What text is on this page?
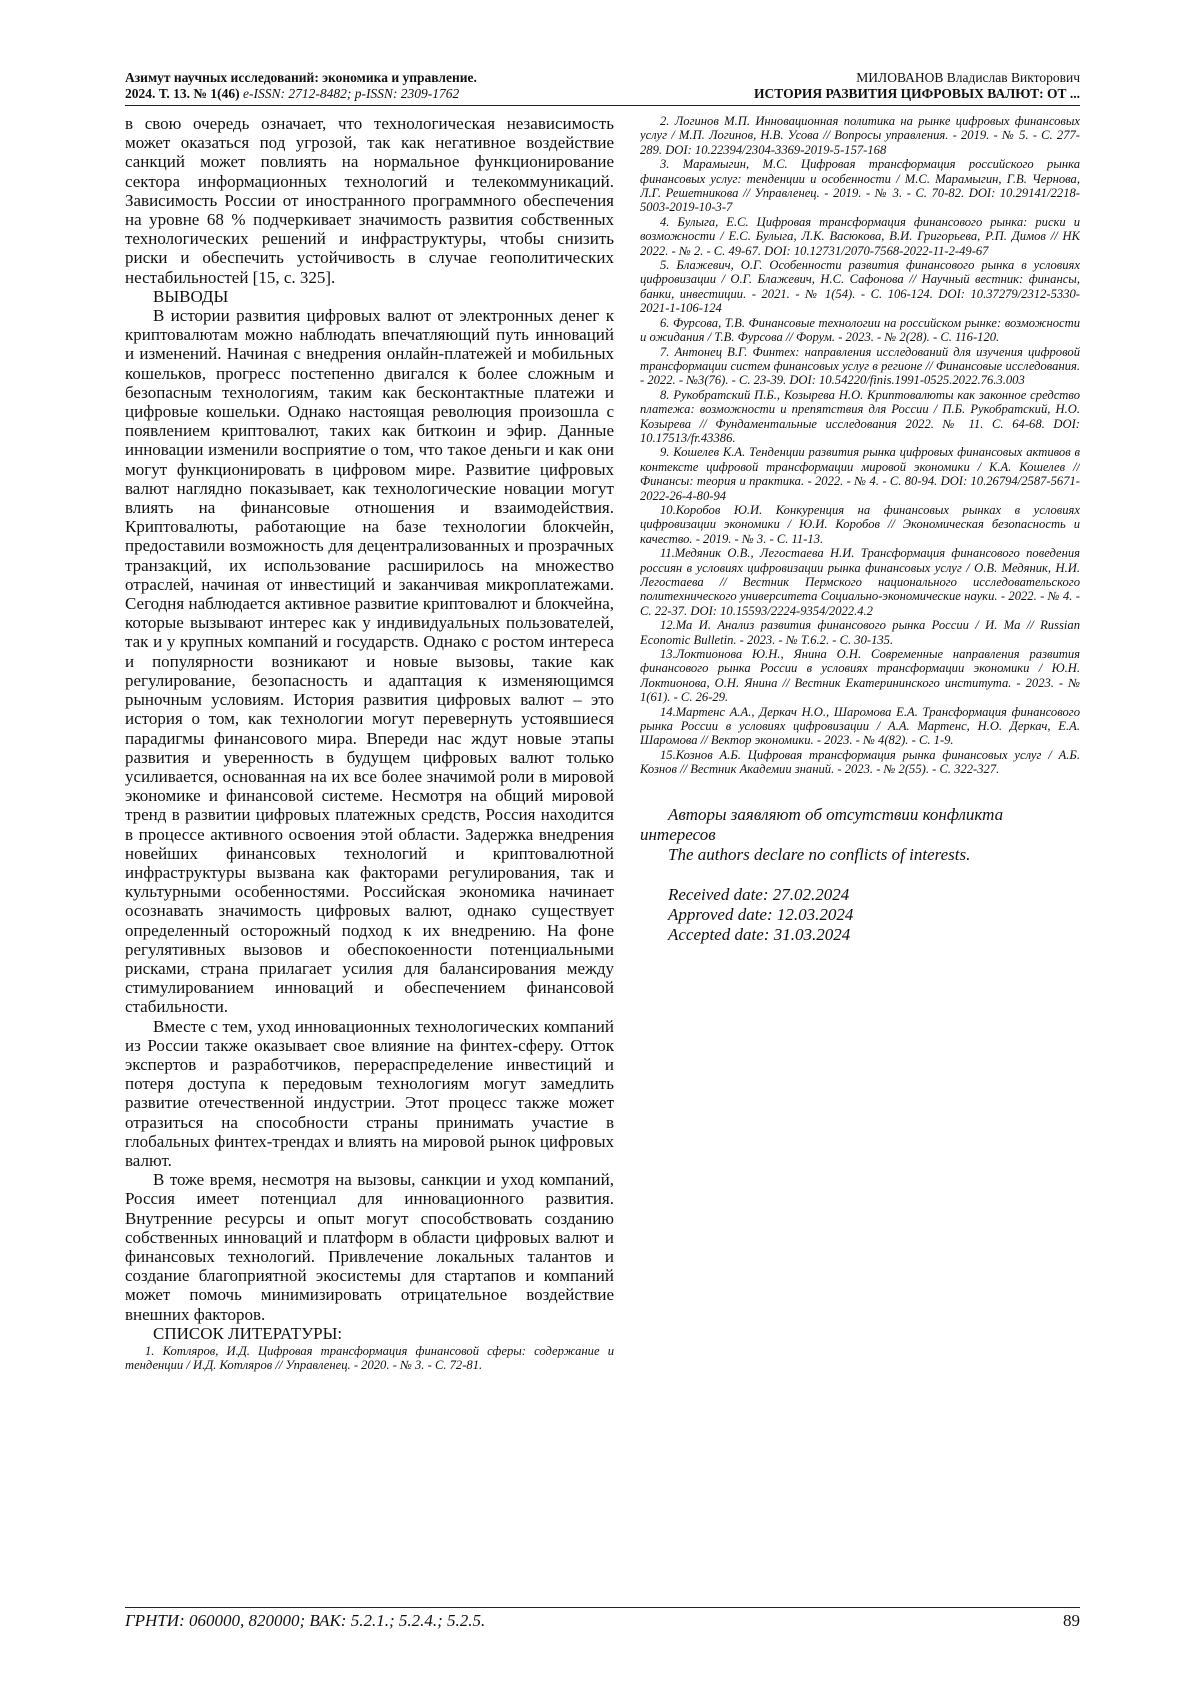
Азимут научных исследований: экономика и управление.
2024. Т. 13. № 1(46) e-ISSN: 2712-8482; p-ISSN: 2309-1762
МИЛОВАНОВ Владислав Викторович
ИСТОРИЯ РАЗВИТИЯ ЦИФРОВЫХ ВАЛЮТ: ОТ ...

в свою очередь означает, что технологическая независимость может оказаться под угрозой, так как негативное воздействие санкций может повлиять на нормальное функционирование сектора информационных технологий и телекоммуникаций. Зависимость России от иностранного программного обеспечения на уровне 68 % подчеркивает значимость развития собственных технологических решений и инфраструктуры, чтобы снизить риски и обеспечить устойчивость в случае геополитических нестабильностей [15, с. 325].

ВЫВОДЫ

В истории развития цифровых валют от электронных денег к криптовалютам можно наблюдать впечатляющий путь инноваций и изменений. Начиная с внедрения онлайн-платежей и мобильных кошельков, прогресс постепенно двигался к более сложным и безопасным технологиям, таким как бесконтактные платежи и цифровые кошельки. Однако настоящая революция произошла с появлением криптовалют, таких как биткоин и эфир. Данные инновации изменили восприятие о том, что такое деньги и как они могут функционировать в цифровом мире. Развитие цифровых валют наглядно показывает, как технологические новации могут влиять на финансовые отношения и взаимодействия. Криптовалюты, работающие на базе технологии блокчейн, предоставили возможность для децентрализованных и прозрачных транзакций, их использование расширилось на множество отраслей, начиная от инвестиций и заканчивая микроплатежами. Сегодня наблюдается активное развитие криптовалют и блокчейна, которые вызывают интерес как у индивидуальных пользователей, так и у крупных компаний и государств. Однако с ростом интереса и популярности возникают и новые вызовы, такие как регулирование, безопасность и адаптация к изменяющимся рыночным условиям. История развития цифровых валют – это история о том, как технологии могут перевернуть устоявшиеся парадигмы финансового мира. Впереди нас ждут новые этапы развития и уверенность в будущем цифровых валют только усиливается, основанная на их все более значимой роли в мировой экономике и финансовой системе. Несмотря на общий мировой тренд в развитии цифровых платежных средств, Россия находится в процессе активного освоения этой области. Задержка внедрения новейших финансовых технологий и криптовалютной инфраструктуры вызвана как факторами регулирования, так и культурными особенностями. Российская экономика начинает осознавать значимость цифровых валют, однако существует определенный осторожный подход к их внедрению. На фоне регулятивных вызовов и обеспокоенности потенциальными рисками, страна прилагает усилия для балансирования между стимулированием инноваций и обеспечением финансовой стабильности.

Вместе с тем, уход инновационных технологических компаний из России также оказывает свое влияние на финтех-сферу. Отток экспертов и разработчиков, перераспределение инвестиций и потеря доступа к передовым технологиям могут замедлить развитие отечественной индустрии. Этот процесс также может отразиться на способности страны принимать участие в глобальных финтех-трендах и влиять на мировой рынок цифровых валют.

В тоже время, несмотря на вызовы, санкции и уход компаний, Россия имеет потенциал для инновационного развития. Внутренние ресурсы и опыт могут способствовать созданию собственных инноваций и платформ в области цифровых валют и финансовых технологий. Привлечение локальных талантов и создание благоприятной экосистемы для стартапов и компаний может помочь минимизировать отрицательное воздействие внешних факторов.

СПИСОК ЛИТЕРАТУРЫ:

1. Котляров, И.Д. Цифровая трансформация финансовой сферы: содержание и тенденции / И.Д. Котляров // Управленец. - 2020. - № 3. - С. 72-81.

2. Логинов М.П. Инновационная политика на рынке цифровых финансовых услуг / М.П. Логинов, Н.В. Усова // Вопросы управления. - 2019. - № 5. - С. 277-289. DOI: 10.22394/2304-3369-2019-5-157-168

3. Марамыгин, М.С. Цифровая трансформация российского рынка финансовых услуг: тенденции и особенности / М.С. Марамыгин, Г.В. Чернова, Л.Г. Решетникова // Управленец. - 2019. - № 3. - С. 70-82. DOI: 10.29141/2218-5003-2019-10-3-7

4. Булыга, Е.С. Цифровая трансформация финансового рынка: риски и возможности / Е.С. Булыга, Л.К. Васюкова, В.И. Григорьева, Р.П. Димов // НК 2022. - № 2. - С. 49-67. DOI: 10.12731/2070-7568-2022-11-2-49-67

5. Блажевич, О.Г. Особенности развития финансового рынка в условиях цифровизации / О.Г. Блажевич, Н.С. Сафонова // Научный вестник: финансы, банки, инвестиции. - 2021. - № 1(54). - С. 106-124. DOI: 10.37279/2312-5330-2021-1-106-124

6. Фурсова, Т.В. Финансовые технологии на российском рынке: возможности и ожидания / Т.В. Фурсова // Форум. - 2023. - № 2(28). - С. 116-120.

7. Антонец В.Г. Финтех: направления исследований для изучения цифровой трансформации систем финансовых услуг в регионе // Финансовые исследования. - 2022. - №3(76). - С. 23-39. DOI: 10.54220/finis.1991-0525.2022.76.3.003

8. Рукобратский П.Б., Козырева Н.О. Криптовалюты как законное средство платежа: возможности и препятствия для России / П.Б. Рукобратский, Н.О. Козырева // Фундаментальные исследования 2022. № 11. С. 64-68. DOI: 10.17513/fr.43386.

9. Кошелев К.А. Тенденции развития рынка цифровых финансовых активов в контексте цифровой трансформации мировой экономики / К.А. Кошелев // Финансы: теория и практика. - 2022. - № 4. - С. 80-94. DOI: 10.26794/2587-5671-2022-26-4-80-94

10.Коробов Ю.И. Конкуренция на финансовых рынках в условиях цифровизации экономики / Ю.И. Коробов // Экономическая безопасность и качество. - 2019. - № 3. - С. 11-13.

11.Медяник О.В., Легостаева Н.И. Трансформация финансового поведения россиян в условиях цифровизации рынка финансовых услуг / О.В. Медяник, Н.И. Легостаева // Вестник Пермского национального исследовательского политехнического университета Социально-экономические науки. - 2022. - № 4. - С. 22-37. DOI: 10.15593/2224-9354/2022.4.2

12.Ма И. Анализ развития финансового рынка России / И. Ма // Russian Economic Bulletin. - 2023. - № Т.6.2. - С. 30-135.

13.Локтионова Ю.Н., Янина О.Н. Современные направления развития финансового рынка России в условиях трансформации экономики / Ю.Н. Локтионова, О.Н. Янина // Вестник Екатерининского института. - 2023. - № 1(61). - С. 26-29.

14.Мартенс А.А., Деркач Н.О., Шаромова Е.А. Трансформация финансового рынка России в условиях цифровизации / А.А. Мартенс, Н.О. Деркач, Е.А. Шаромова // Вектор экономики. - 2023. - № 4(82). - С. 1-9.

15.Кознов А.Б. Цифровая трансформация рынка финансовых услуг / А.Б. Кознов // Вестник Академии знаний. - 2023. - № 2(55). - С. 322-327.

Авторы заявляют об отсутствии конфликта интересов

The authors declare no conflicts of interests.

Received date: 27.02.2024

Approved date: 12.03.2024

Accepted date: 31.03.2024

ГРНТИ: 060000, 820000; ВАК: 5.2.1.; 5.2.4.; 5.2.5.	89
